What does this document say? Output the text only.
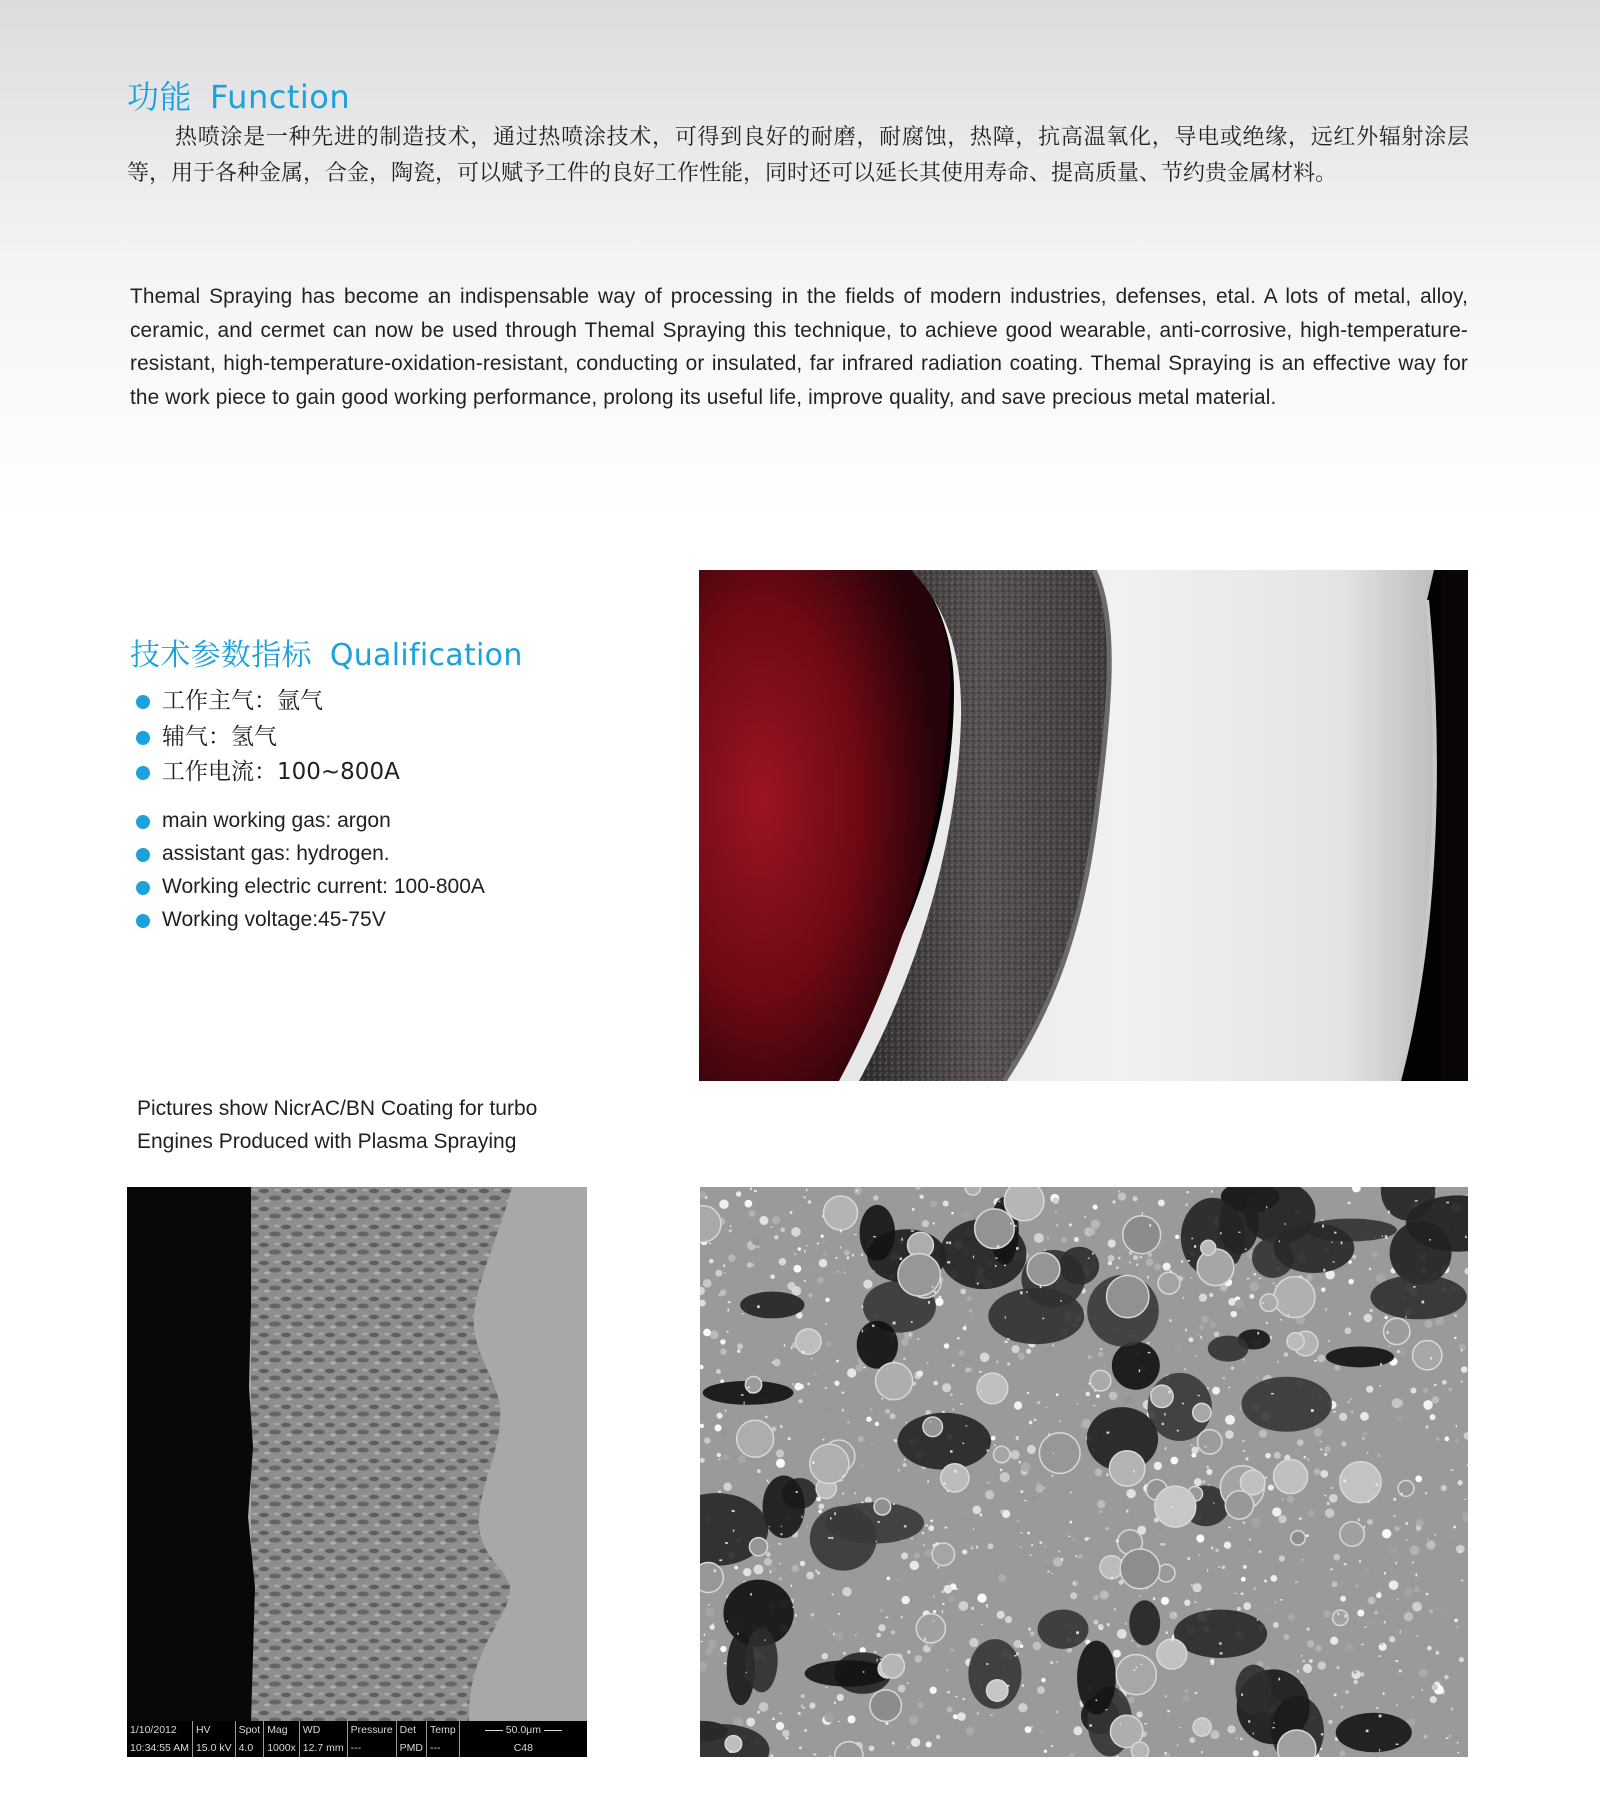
功能 Function

热喷涂是一种先进的制造技术，通过热喷涂技术，可得到良好的耐磨，耐腐蚀，热障，抗高温氧化，导电或绝缘，远红外辐射涂层等，用于各种金属，合金，陶瓷，可以赋予工件的良好工作性能，同时还可以延长其使用寿命、提高质量、节约贵金属材料。

Themal Spraying has become an indispensable way of processing in the fields of modern industries, defenses, etal. A lots of metal, alloy, ceramic, and cermet can now be used through Themal Spraying this technique, to achieve good wearable, anti-corrosive, high-temperature-resistant, high-temperature-oxidation-resistant, conducting or insulated, far infrared radiation coating. Themal Spraying is an effective way for the work piece to gain good working performance, prolong its useful life, improve quality, and save precious metal material.

技术参数指标 Qualification
工作主气：氩气
辅气：氢气
工作电流：100~800A
main working gas: argon
assistant gas: hydrogen.
Working electric current: 100-800A
Working voltage:45-75V
Pictures show NicrAC/BN Coating for turbo
Engines Produced with Plasma Spraying
1/10/2012
10:34:55 AM
HV
15.0 kV
Spot
4.0
Mag
1000x
WD
12.7 mm
Pressure
---
Det
PMD
Temp
---
50.0μm
C48
